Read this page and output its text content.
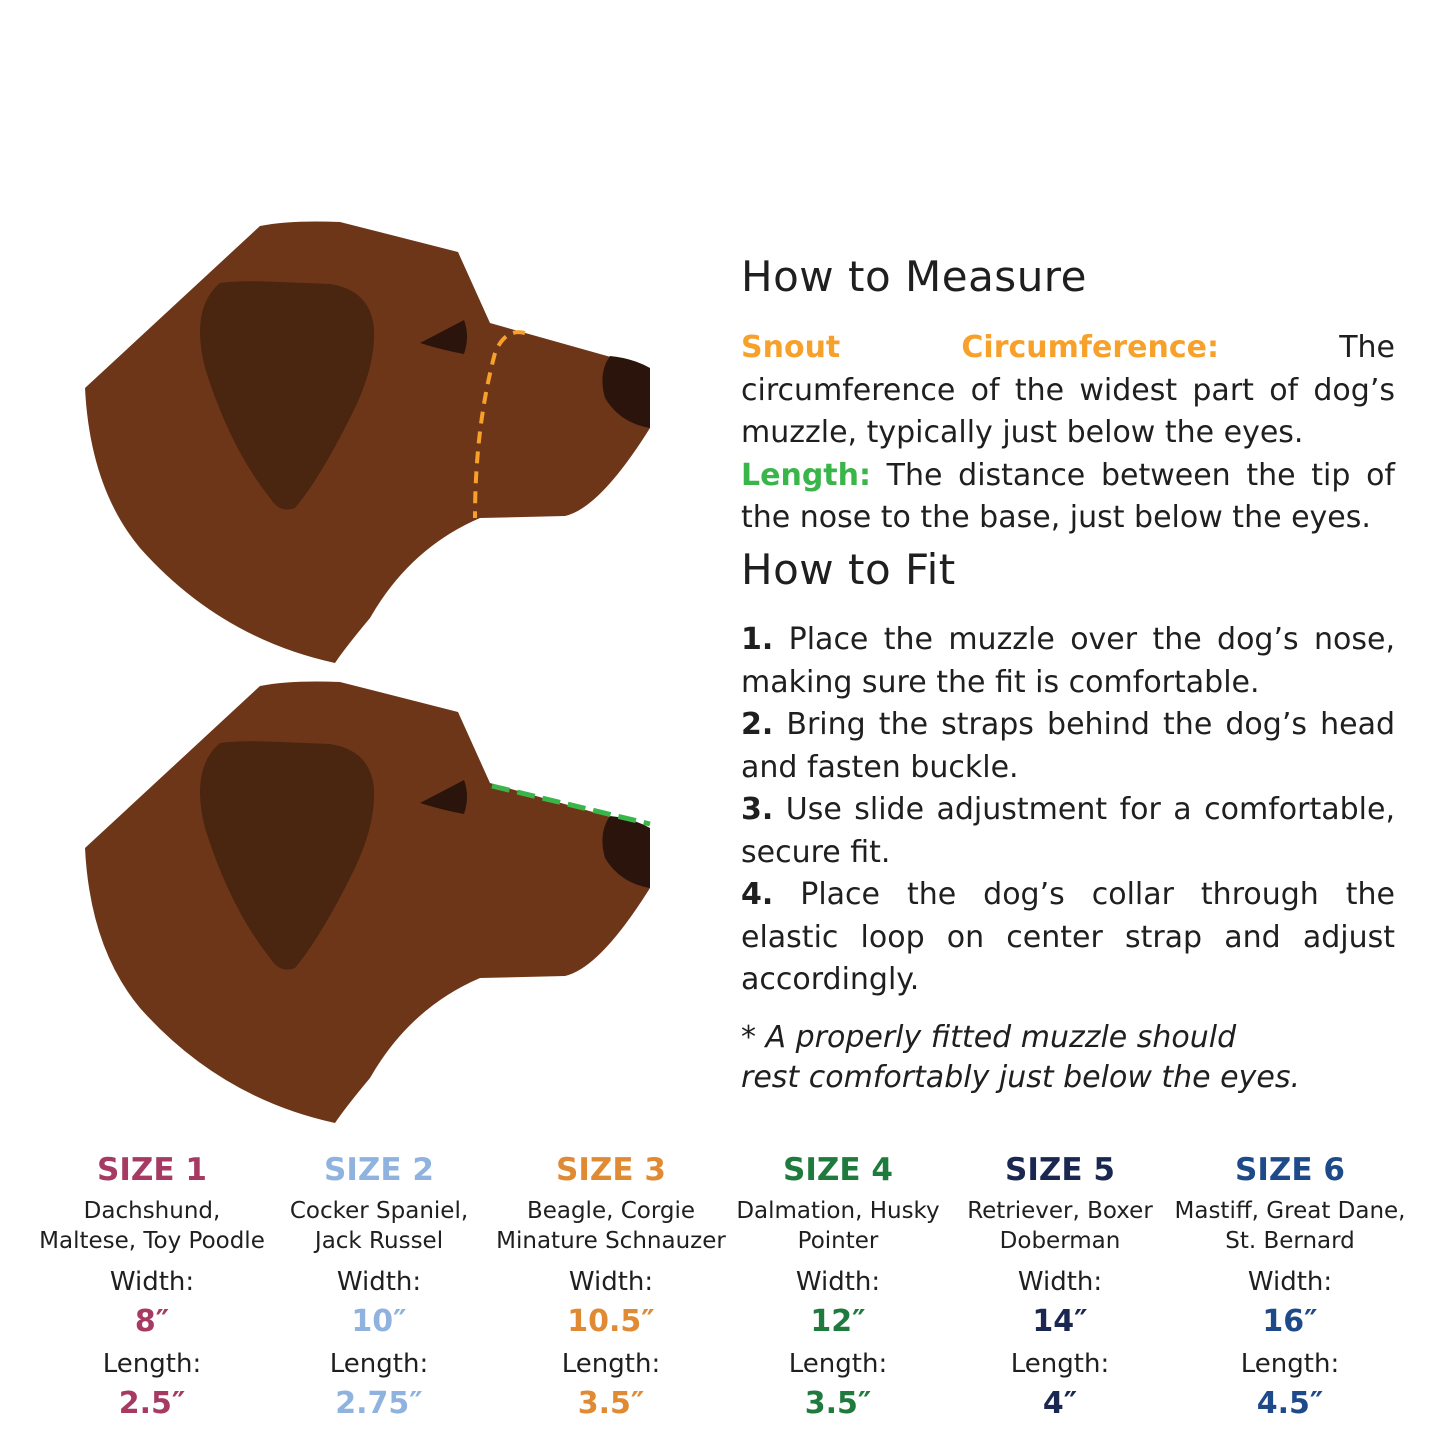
How to Measure
Snout Circumference: The circumference of the widest part of dog’s muzzle, typically just below the eyes.
Length: The distance between the tip of the nose to the base, just below the eyes.
How to Fit
1. Place the muzzle over the dog’s nose, making sure the fit is comfortable.
2. Bring the straps behind the dog’s head and fasten buckle.
3. Use slide adjustment for a comfortable, secure fit.
4. Place the dog’s collar through the elastic loop on center strap and adjust accordingly.
* A properly fitted muzzle should
rest comfortably just below the eyes.
SIZE 1
Dachshund,
Maltese, Toy Poodle
Width:
8″
Length:
2.5″
SIZE 2
Cocker Spaniel,
Jack Russel
Width:
10″
Length:
2.75″
SIZE 3
Beagle, Corgie
Minature Schnauzer
Width:
10.5″
Length:
3.5″
SIZE 4
Dalmation, Husky
Pointer
Width:
12″
Length:
3.5″
SIZE 5
Retriever, Boxer
Doberman
Width:
14″
Length:
4″
SIZE 6
Mastiff, Great Dane,
St. Bernard
Width:
16″
Length:
4.5″
